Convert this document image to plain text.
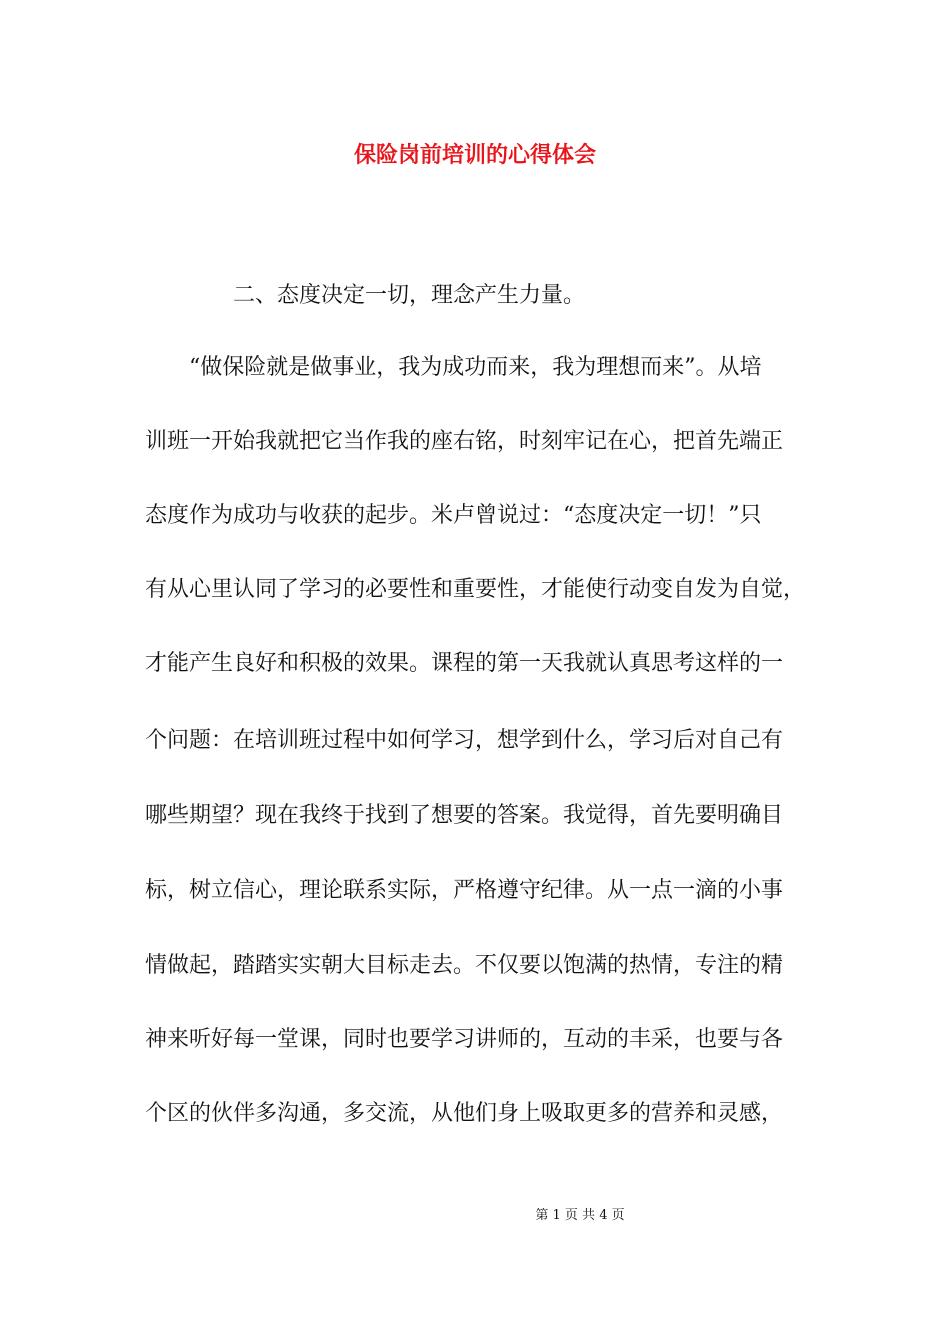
保险岗前培训的心得体会
二、态度决定一切，理念产生力量。
“做保险就是做事业，我为成功而来，我为理想而来”。从培
训班一开始我就把它当作我的座右铭，时刻牢记在心，把首先端正
态度作为成功与收获的起步。米卢曾说过：“态度决定一切！”只
有从心里认同了学习的必要性和重要性，才能使行动变自发为自觉，
才能产生良好和积极的效果。课程的第一天我就认真思考这样的一
个问题：在培训班过程中如何学习，想学到什么，学习后对自己有
哪些期望？现在我终于找到了想要的答案。我觉得，首先要明确目
标，树立信心，理论联系实际，严格遵守纪律。从一点一滴的小事
情做起，踏踏实实朝大目标走去。不仅要以饱满的热情，专注的精
神来听好每一堂课，同时也要学习讲师的，互动的丰采，也要与各
个区的伙伴多沟通，多交流，从他们身上吸取更多的营养和灵感，
第 1 页 共 4 页
